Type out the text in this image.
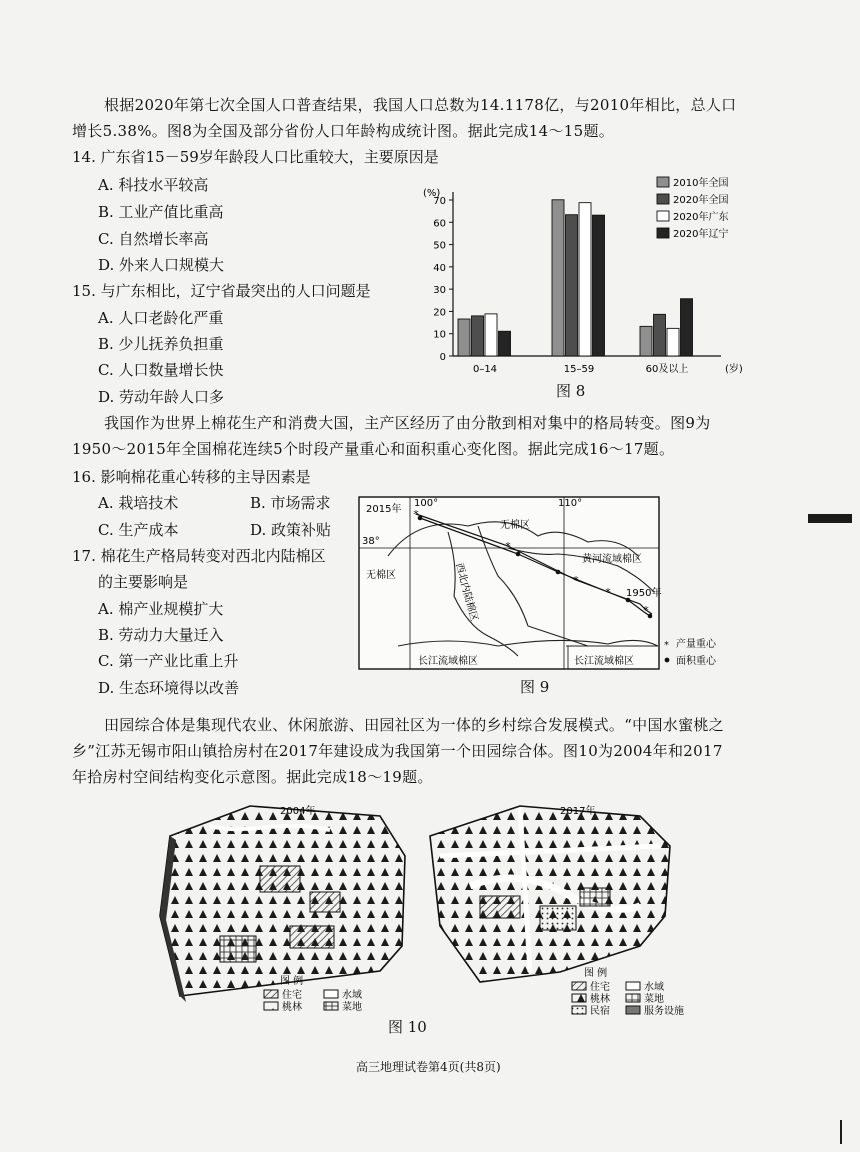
根据2020年第七次全国人口普查结果，我国人口总数为14.1178亿，与2010年相比，总人口
增长5.38%。图8为全国及部分省份人口年龄构成统计图。据此完成14～15题。
14. 广东省15－59岁年龄段人口比重较大，主要原因是
A. 科技水平较高
B. 工业产值比重高
C. 自然增长率高
D. 外来人口规模大
15. 与广东相比，辽宁省最突出的人口问题是
A. 人口老龄化严重
B. 少儿抚养负担重
C. 人口数量增长快
D. 劳动年龄人口多
(%)
0
10
20
30
40
50
60
70
0–14	15–59	60及以上	(岁)
2010年全国
2020年全国
2020年广东
2020年辽宁
图 8
我国作为世界上棉花生产和消费大国，主产区经历了由分散到相对集中的格局转变。图9为
1950～2015年全国棉花连续5个时段产量重心和面积重心变化图。据此完成16～17题。
16. 影响棉花重心转移的主导因素是
A. 栽培技术	B. 市场需求
C. 生产成本	D. 政策补贴
17. 棉花生产格局转变对西北内陆棉区
的主要影响是
A. 棉产业规模扩大
B. 劳动力大量迁入
C. 第一产业比重上升
D. 生态环境得以改善
*
*
*
*
*
2015年
100°	110°
38°
无棉区
无棉区
黄河流域棉区
西北内陆棉区	1950年
长江流域棉区	长江流域棉区
* 产量重心
面积重心
图 9
田园综合体是集现代农业、休闲旅游、田园社区为一体的乡村综合发展模式。“中国水蜜桃之
乡”江苏无锡市阳山镇拾房村在2017年建设成为我国第一个田园综合体。图10为2004年和2017
年拾房村空间结构变化示意图。据此完成18～19题。
2004年
图 例
住宅	水域
桃林	菜地
2017年
图 例
住宅	水域
桃林	菜地
民宿	服务设施
图 10
高三地理试卷第4页(共8页)
